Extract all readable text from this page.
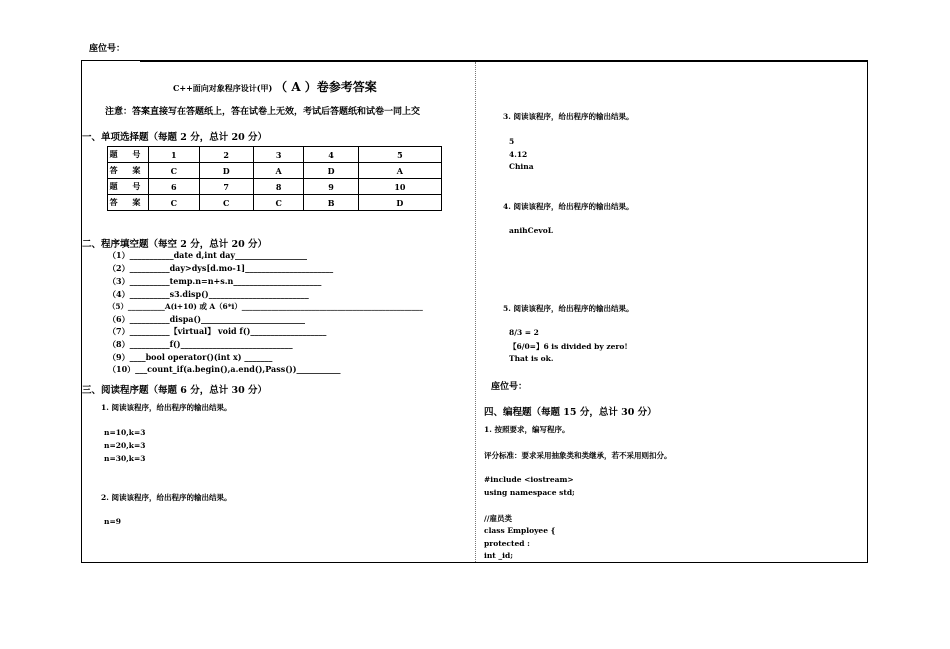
座位号：
C++面向对象程序设计(甲) （ A ）卷参考答案
注意：答案直接写在答题纸上，答在试卷上无效，考试后答题纸和试卷一同上交
一、单项选择题（每题 2 分，总计 20 分）
题 号	1	2	3	4	5
答 案	C	D	A	D	A
题 号	6	7	8	9	10
答 案	C	C	C	B	D
二、程序填空题（每空 2 分，总计 20 分）
（1）___________date d,int day__________________
（2）__________day>dys[d.mo-1]______________________
（3）__________temp.n=n+s.n______________________
（4）__________s3.disp()_________________________
（5）__________A(i+10) 或 A（6*i）_________________________________________________
（6）__________dispa()__________________________
（7）__________【virtual】 void f()___________________
（8）__________f()____________________________
（9）____bool operator()(int x) _______
（10）___count_if(a.begin(),a.end(),Pass())___________
三、阅读程序题（每题 6 分，总计 30 分）
1. 阅读该程序，给出程序的输出结果。
n=10,k=3
n=20,k=3
n=30,k=3
2. 阅读该程序，给出程序的输出结果。
n=9
3. 阅读该程序，给出程序的输出结果。
5
4.12
China
4. 阅读该程序，给出程序的输出结果。
anihCevoL
5. 阅读该程序，给出程序的输出结果。
8/3 = 2
【6/0=】6 is divided by zero!
That is ok.
座位号：
四、编程题（每题 15 分，总计 30 分）
1. 按照要求，编写程序。
评分标准：要求采用抽象类和类继承，若不采用则扣分。
#include <iostream>
using namespace std;
//雇员类
class Employee {
protected :
int _id;
